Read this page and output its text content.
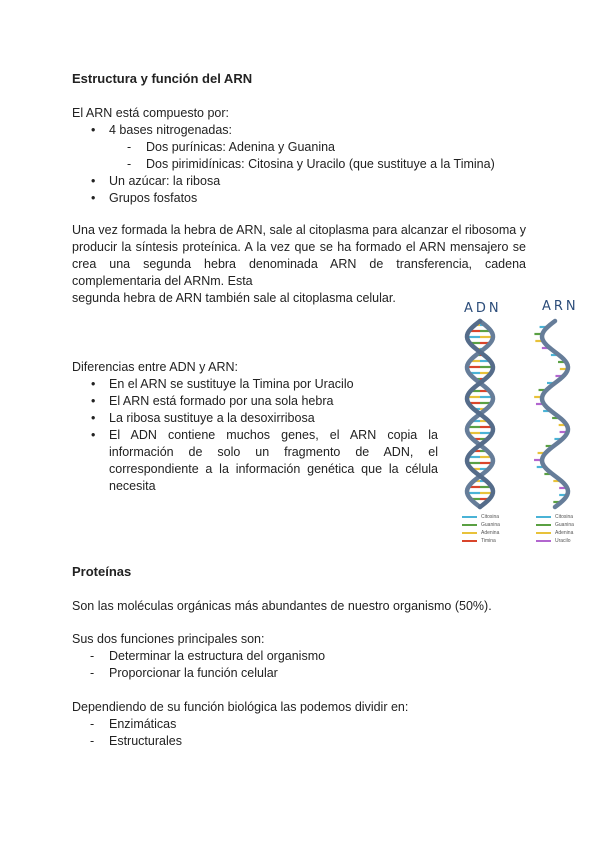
Estructura y función del ARN
El ARN está compuesto por:
• 4 bases nitrogenadas:
- Dos purínicas: Adenina y Guanina
- Dos pirimidínicas: Citosina y Uracilo (que sustituye a la Timina)
• Un azúcar: la ribosa
• Grupos fosfatos
Una vez formada la hebra de ARN, sale al citoplasma para alcanzar el ribosoma y producir la síntesis proteínica. A la vez que se ha formado el ARN mensajero se crea una segunda hebra denominada ARN de transferencia, cadena complementaria del ARNm. Esta
segunda hebra de ARN también sale al citoplasma celular.
Diferencias entre ADN y ARN:
• En el ARN se sustituye la Timina por Uracilo
• El ARN está formado por una sola hebra
• La ribosa sustituye a la desoxirribosa
• El ADN contiene muchos genes, el ARN copia la información de solo un fragmento de ADN, el correspondiente a la información genética que la célula necesita
ADN	ARN
Citosina
Guanina
Adenina
Timina
Citosina
Guanina
Adenina
Uracilo
Proteínas
Son las moléculas orgánicas más abundantes de nuestro organismo (50%).
Sus dos funciones principales son:
- Determinar la estructura del organismo
- Proporcionar la función celular
Dependiendo de su función biológica las podemos dividir en:
- Enzimáticas
- Estructurales
